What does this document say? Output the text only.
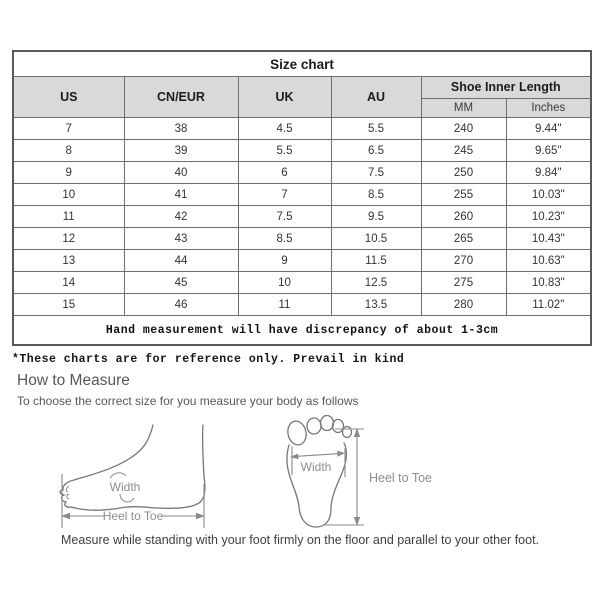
Size chart					
US	CN/EUR	UK	AU	Shoe Inner Length	
				MM	Inches
7	38	4.5	5.5	240	9.44"
8	39	5.5	6.5	245	9.65"
9	40	6	7.5	250	9.84"
10	41	7	8.5	255	10.03"
11	42	7.5	9.5	260	10.23"
12	43	8.5	10.5	265	10.43"
13	44	9	11.5	270	10.63"
14	45	10	12.5	275	10.83"
15	46	11	13.5	280	11.02"
Hand measurement will have discrepancy of about 1-3cm					
*These charts are for reference only. Prevail in kind
How to Measure
To choose the correct size for you measure your body as follows
Width
Heel to Toe
Width
Heel to Toe
Measure while standing with your foot firmly on the floor and parallel to your other foot.
